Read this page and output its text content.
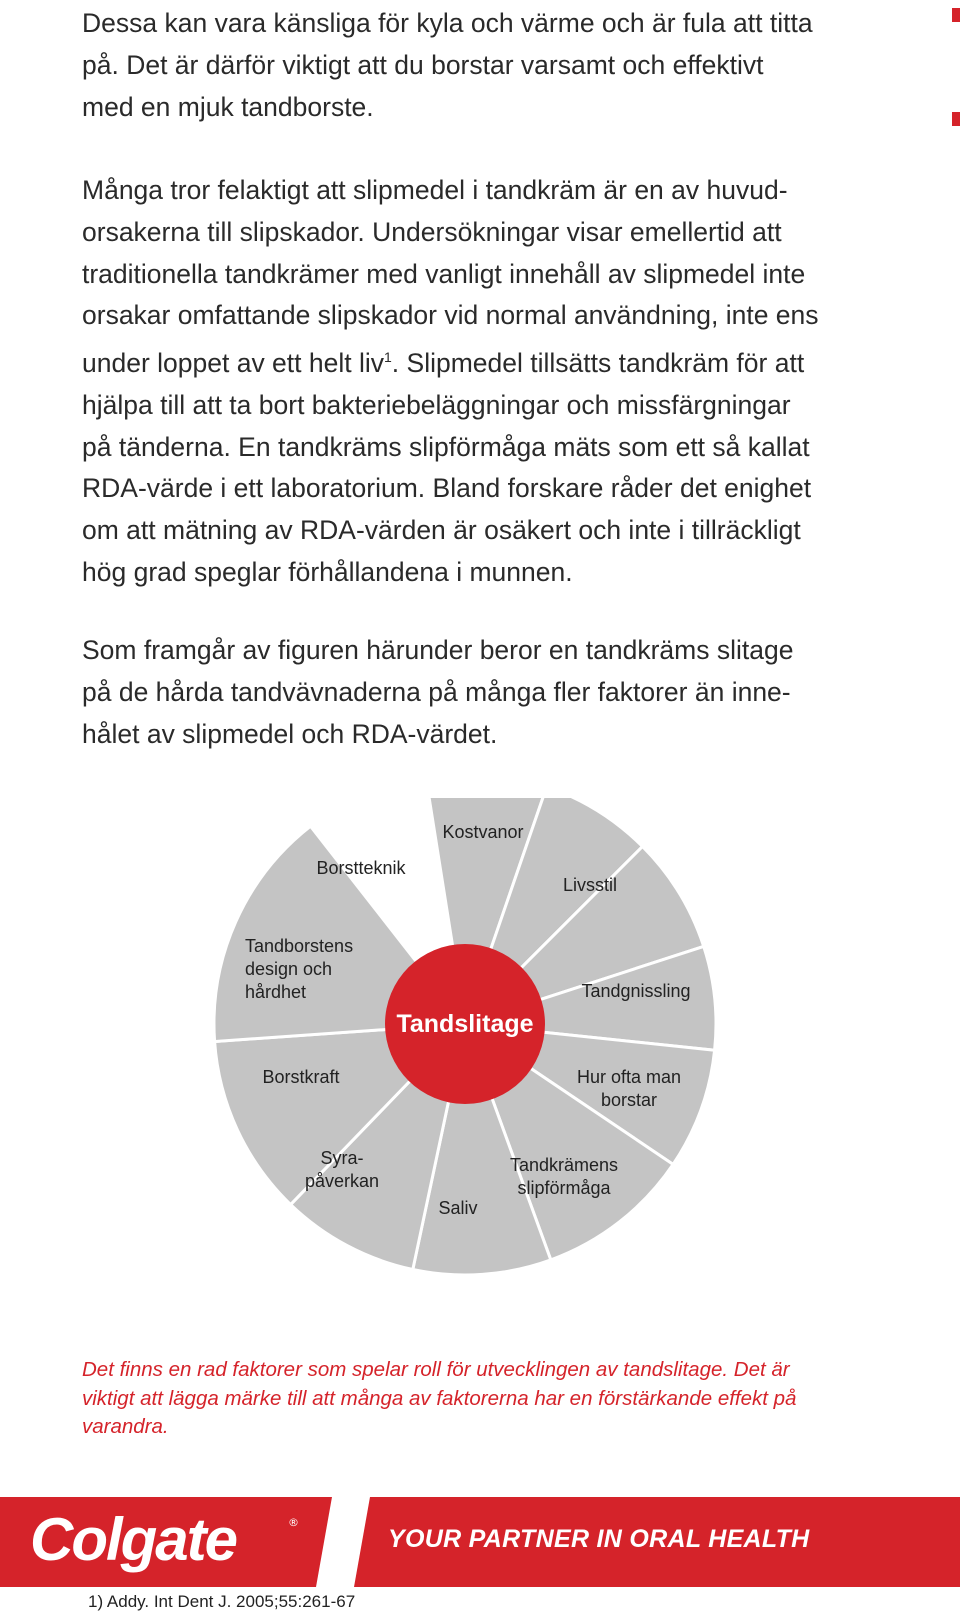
Dessa kan vara känsliga för kyla och värme och är fula att titta
på. Det är därför viktigt att du borstar varsamt och effektivt
med en mjuk tandborste.
Många tror felaktigt att slipmedel i tandkräm är en av huvud-
orsakerna till slipskador. Undersökningar visar emellertid att
traditionella tandkrämer med vanligt innehåll av slipmedel inte
orsakar omfattande slipskador vid normal användning, inte ens
under loppet av ett helt liv$^1$. Slipmedel tillsätts tandkräm för att
hjälpa till att ta bort bakteriebeläggningar och missfärgningar
på tänderna. En tandkräms slipförmåga mäts som ett så kallat
RDA-värde i ett laboratorium. Bland forskare råder det enighet
om att mätning av RDA-värden är osäkert och inte i tillräckligt
hög grad speglar förhållandena i munnen.
Som framgår av figuren härunder beror en tandkräms slitage
på de hårda tandvävnaderna på många fler faktorer än inne-
hålet av slipmedel och RDA-värdet.
Kostvanor
Livsstil
Tandgnissling
Hur ofta man borstar
Tandkrämens slipförmåga
Saliv
Syra-påverkan
Borstkraft
Tandborstens design och hårdhet
Borstteknik
Tandslitage
Det finns en rad faktorer som spelar roll för utvecklingen av tandslitage. Det är
viktigt att lägga märke till att många av faktorerna har en förstärkande effekt på
varandra.
Colgate	®
YOUR PARTNER IN ORAL HEALTH
1) Addy. Int Dent J. 2005;55:261-67
